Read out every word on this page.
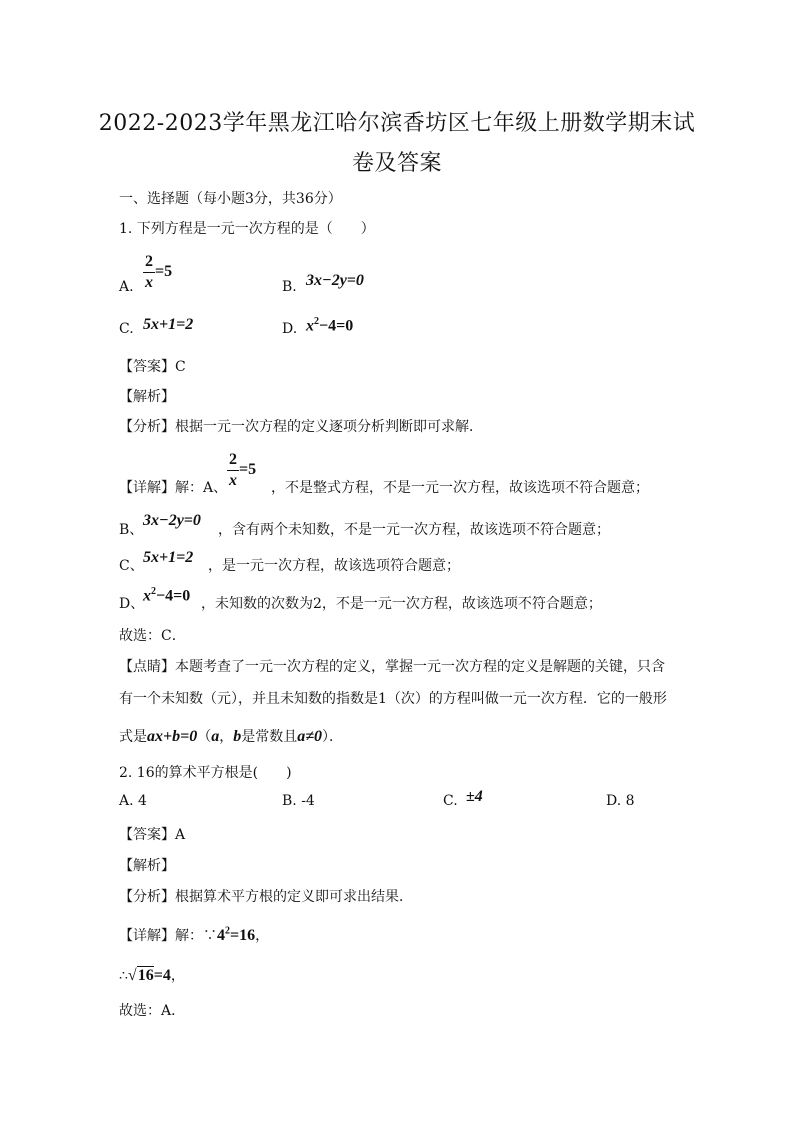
2022-2023学年黑龙江哈尔滨香坊区七年级上册数学期末试
卷及答案
一、选择题（每小题3分，共36分）
1. 下列方程是一元一次方程的是（　　）
A. $\frac{2}{x} =5$
B. 3x−2y=0
C. 5x+1=2	D. $x^2-4=0$
【答案】C
【解析】
【分析】根据一元一次方程的定义逐项分析判断即可求解．
【详解】解：A、 $\frac{2}{x} =5$
，不是整式方程，不是一元一次方程，故该选项不符合题意；
B、
3x−2y=0
，含有两个未知数，不是一元一次方程，故该选项不符合题意；
C、 5x+1=2 ，是一元一次方程，故该选项符合题意；
D、
$x^2-4=0$ ，未知数的次数为2，不是一元一次方程，故该选项不符合题意；
故选：C．
【点睛】本题考查了一元一次方程的定义，掌握一元一次方程的定义是解题的关键，只含
有一个未知数（元），并且未知数的指数是1（次）的方程叫做一元一次方程．它的一般形
式是ax+b=0（a，b是常数且a≠0）．
2. 16的算术平方根是(　　)
A. 4	B. -4	C. ±4	D. 8
【答案】A
【解析】
【分析】根据算术平方根的定义即可求出结果．
【详解】解：$\because 4^2=16$，
∴√16=4，
故选：A．
